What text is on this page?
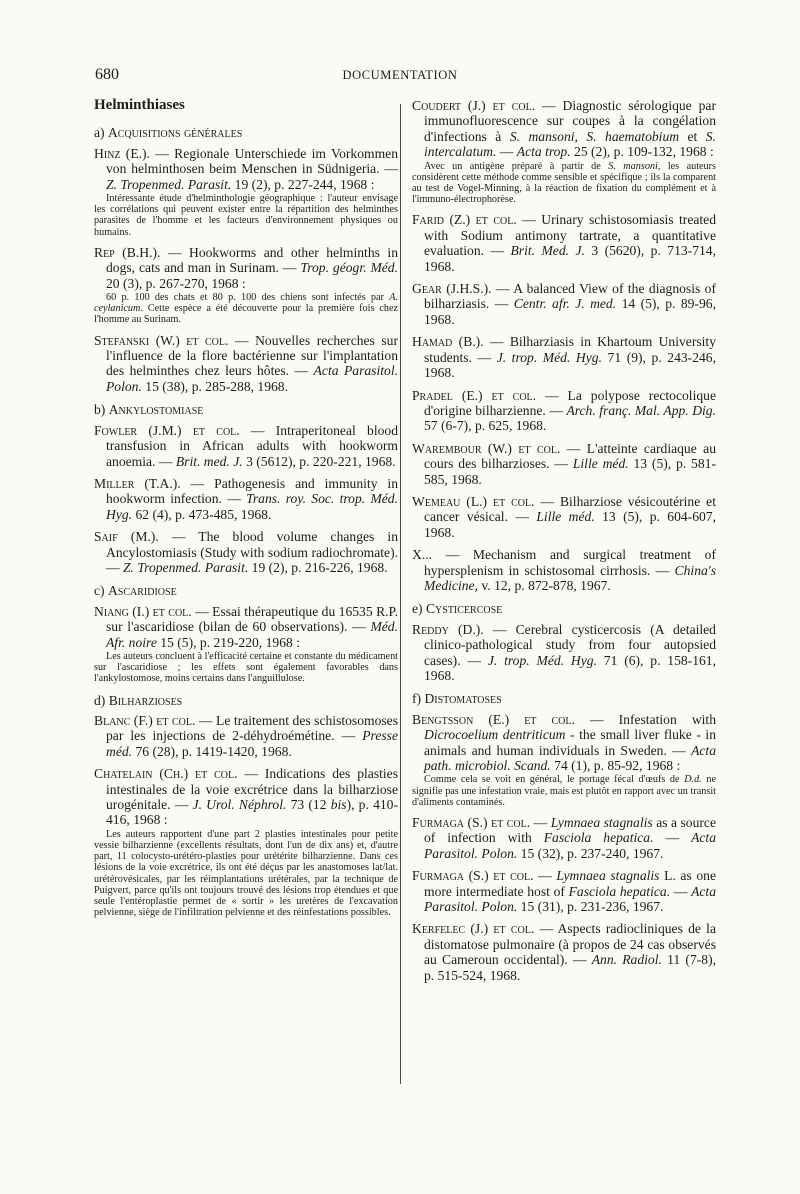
680	DOCUMENTATION
Helminthiases
a) Acquisitions générales
Hinz (E.). — Regionale Unterschiede im Vorkommen von helminthosen beim Menschen in Südnigeria. — Z. Tropenmed. Parasit. 19 (2), p. 227-244, 1968 :
Intéressante étude d'helminthologie géographique : l'auteur envisage les corrélations qui peuvent exister entre la répartition des helminthes parasites de l'homme et les facteurs d'environnement physiques ou humains.
Rep (B.H.). — Hookworms and other helminths in dogs, cats and man in Surinam. — Trop. géogr. Méd. 20 (3), p. 267-270, 1968 :
60 p. 100 des chats et 80 p. 100 des chiens sont infectés par A. ceylanicum. Cette espèce a été découverte pour la première fois chez l'homme au Surinam.
Stefanski (W.) et col. — Nouvelles recherches sur l'influence de la flore bactérienne sur l'implantation des helminthes chez leurs hôtes. — Acta Parasitol. Polon. 15 (38), p. 285-288, 1968.
b) Ankylostomiase
Fowler (J.M.) et col. — Intraperitoneal blood transfusion in African adults with hookworm anoemia. — Brit. med. J. 3 (5612), p. 220-221, 1968.
Miller (T.A.). — Pathogenesis and immunity in hookworm infection. — Trans. roy. Soc. trop. Méd. Hyg. 62 (4), p. 473-485, 1968.
Saif (M.). — The blood volume changes in Ancylostomiasis (Study with sodium radiochromate). — Z. Tropenmed. Parasit. 19 (2), p. 216-226, 1968.
c) Ascaridiose
Niang (I.) et col. — Essai thérapeutique du 16535 R.P. sur l'ascaridiose (bilan de 60 observations). — Méd. Afr. noire 15 (5), p. 219-220, 1968 :
Les auteurs concluent à l'efficacité certaine et constante du médicament sur l'ascaridiose ; les effets sont également favorables dans l'ankylostomose, moins certains dans l'anguillulose.
d) Bilharzioses
Blanc (F.) et col. — Le traitement des schistosomoses par les injections de 2-déhydroémétine. — Presse méd. 76 (28), p. 1419-1420, 1968.
Chatelain (Ch.) et col. — Indications des plasties intestinales de la voie excrétrice dans la bilharziose urogénitale. — J. Urol. Néphrol. 73 (12 bis), p. 410-416, 1968 :
Les auteurs rapportent d'une part 2 plasties intestinales pour petite vessie bilharzienne (excellents résultats, dont l'un de dix ans) et, d'autre part, 11 colocysto-urétéro-plasties pour urétérite bilharzienne. Dans ces lésions de la voie excrétrice, ils ont été déçus par les anastomoses lat/lat. urétérovésicales, par les réimplantations urétérales, par la technique de Puigvert, parce qu'ils ont toujours trouvé des lésions trop étendues et que seule l'entéroplastie permet de « sortir » les uretères de l'excavation pelvienne, siège de l'infiltration pelvienne et des réinfestations possibles.
Coudert (J.) et col. — Diagnostic sérologique par immunofluorescence sur coupes à la congélation d'infections à S. mansoni, S. haematobium et S. intercalatum. — Acta trop. 25 (2), p. 109-132, 1968 :
Avec un antigène préparé à partir de S. mansoni, les auteurs considèrent cette méthode comme sensible et spécifique ; ils la comparent au test de Vogel-Minning, à la réaction de fixation du complément et à l'immuno-électrophorèse.
Farid (Z.) et col. — Urinary schistosomiasis treated with Sodium antimony tartrate, a quantitative evaluation. — Brit. Med. J. 3 (5620), p. 713-714, 1968.
Gear (J.H.S.). — A balanced View of the diagnosis of bilharziasis. — Centr. afr. J. med. 14 (5), p. 89-96, 1968.
Hamad (B.). — Bilharziasis in Khartoum University students. — J. trop. Méd. Hyg. 71 (9), p. 243-246, 1968.
Pradel (E.) et col. — La polypose rectocolique d'origine bilharzienne. — Arch. franç. Mal. App. Dig. 57 (6-7), p. 625, 1968.
Warembour (W.) et col. — L'atteinte cardiaque au cours des bilharzioses. — Lille méd. 13 (5), p. 581-585, 1968.
Wemeau (L.) et col. — Bilharziose vésicoutérine et cancer vésical. — Lille méd. 13 (5), p. 604-607, 1968.
X... — Mechanism and surgical treatment of hypersplenism in schistosomal cirrhosis. — China's Medicine, v. 12, p. 872-878, 1967.
e) Cysticercose
Reddy (D.). — Cerebral cysticercosis (A detailed clinico-pathological study from four autopsied cases). — J. trop. Méd. Hyg. 71 (6), p. 158-161, 1968.
f) Distomatoses
Bengtsson (E.) et col. — Infestation with Dicrocoelium dentriticum - the small liver fluke - in animals and human individuals in Sweden. — Acta path. microbiol. Scand. 74 (1), p. 85-92, 1968 :
Comme cela se voit en général, le portage fécal d'œufs de D.d. ne signifie pas une infestation vraie, mais est plutôt en rapport avec un transit d'aliments contaminés.
Furmaga (S.) et col. — Lymnaea stagnalis as a source of infection with Fasciola hepatica. — Acta Parasitol. Polon. 15 (32), p. 237-240, 1967.
Furmaga (S.) et col. — Lymnaea stagnalis L. as one more intermediate host of Fasciola hepatica. — Acta Parasitol. Polon. 15 (31), p. 231-236, 1967.
Kerfelec (J.) et col. — Aspects radiocliniques de la distomatose pulmonaire (à propos de 24 cas observés au Cameroun occidental). — Ann. Radiol. 11 (7-8), p. 515-524, 1968.
